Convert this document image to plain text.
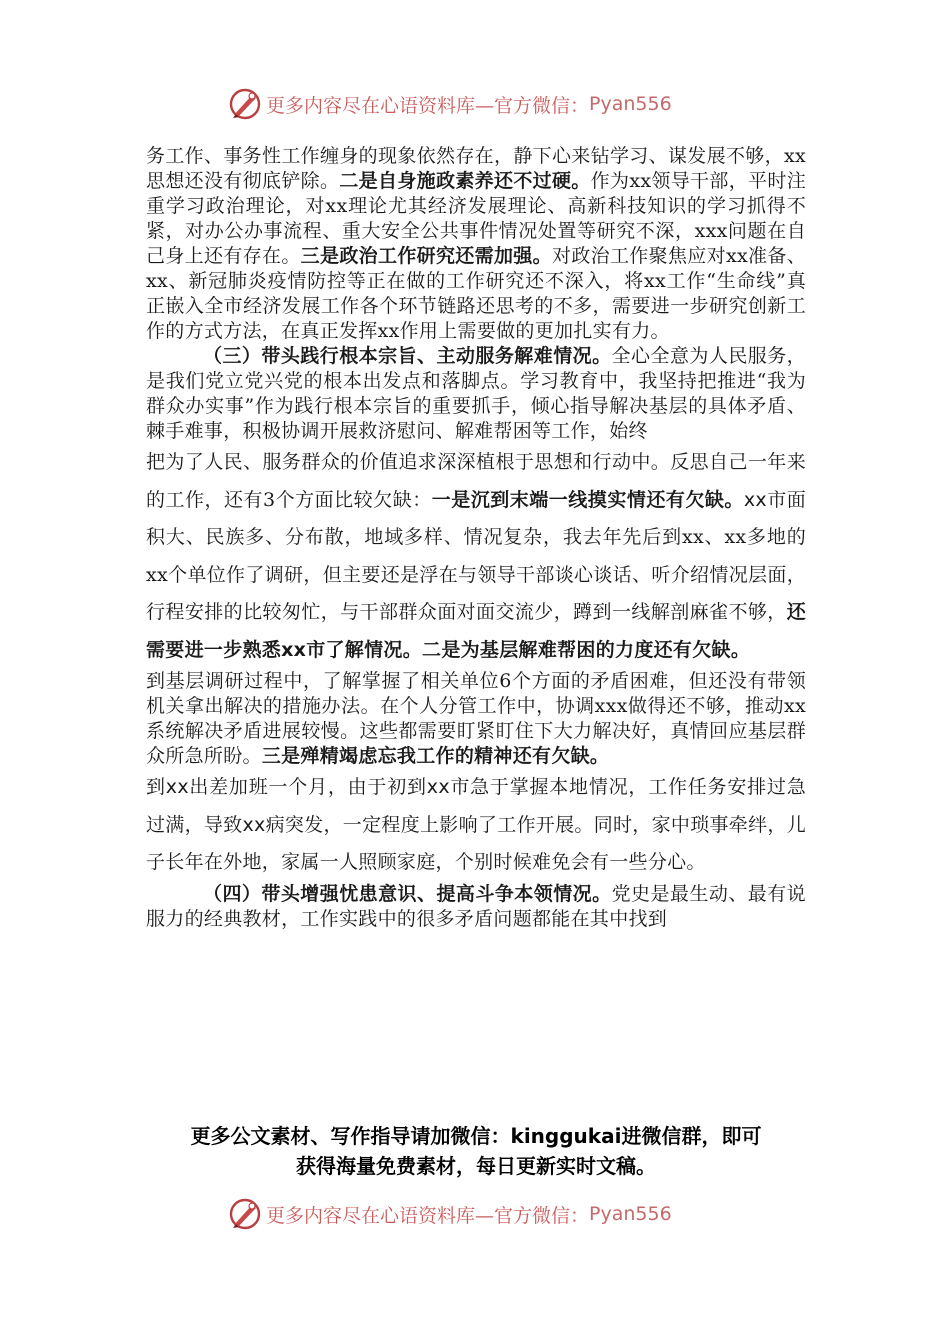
更多内容尽在心语资料库—官方微信： Pyan556

务工作、事务性工作缠身的现象依然存在，静下心来钻学习、谋发展不够，xx思想还没有彻底铲除。二是自身施政素养还不过硬。作为xx领导干部，平时注重学习政治理论，对xx理论尤其经济发展理论、高新科技知识的学习抓得不紧，对办公办事流程、重大安全公共事件情况处置等研究不深，xxx问题在自己身上还有存在。三是政治工作研究还需加强。对政治工作聚焦应对xx准备、xx、新冠肺炎疫情防控等正在做的工作研究还不深入，将xx工作“生命线”真正嵌入全市经济发展工作各个环节链路还思考的不多，需要进一步研究创新工作的方式方法，在真正发挥xx作用上需要做的更加扎实有力。

（三）带头践行根本宗旨、主动服务解难情况。全心全意为人民服务，是我们党立党兴党的根本出发点和落脚点。学习教育中，我坚持把推进“我为群众办实事”作为践行根本宗旨的重要抓手，倾心指导解决基层的具体矛盾、棘手难事，积极协调开展救济慰问、解难帮困等工作，始终

把为了人民、服务群众的价值追求深深植根于思想和行动中。反思自己一年来的工作，还有3个方面比较欠缺：一是沉到末端一线摸实情还有欠缺。xx市面积大、民族多、分布散，地域多样、情况复杂，我去年先后到xx、xx多地的xx个单位作了调研，但主要还是浮在与领导干部谈心谈话、听介绍情况层面，行程安排的比较匆忙，与干部群众面对面交流少，蹲到一线解剖麻雀不够，还需要进一步熟悉xx市了解情况。二是为基层解难帮困的力度还有欠缺。

到基层调研过程中，了解掌握了相关单位6个方面的矛盾困难，但还没有带领机关拿出解决的措施办法。在个人分管工作中，协调xxx做得还不够，推动xx系统解决矛盾进展较慢。这些都需要盯紧盯住下大力解决好，真情回应基层群众所急所盼。三是殚精竭虑忘我工作的精神还有欠缺。

到xx出差加班一个月，由于初到xx市急于掌握本地情况，工作任务安排过急过满，导致xx病突发，一定程度上影响了工作开展。同时，家中琐事牵绊，儿子长年在外地，家属一人照顾家庭，个别时候难免会有一些分心。

（四）带头增强忧患意识、提高斗争本领情况。党史是最生动、最有说服力的经典教材，工作实践中的很多矛盾问题都能在其中找到

更多公文素材、写作指导请加微信：kinggukai进微信群，即可
获得海量免费素材，每日更新实时文稿。
更多内容尽在心语资料库—官方微信： Pyan556
